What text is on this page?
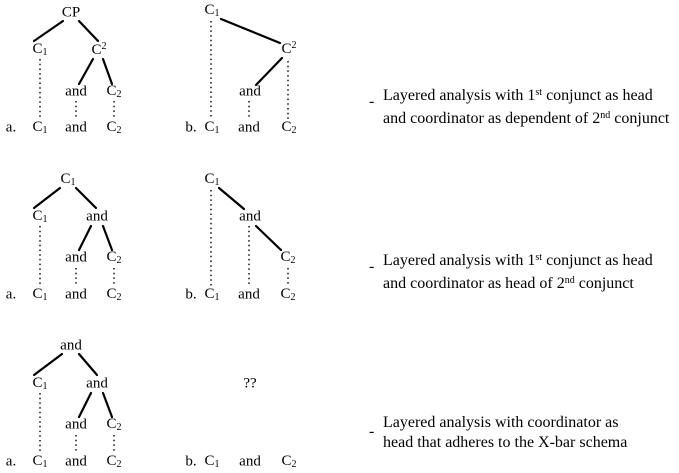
CP
$C_1$	$C^2$
and $C_2$
a. $C_1$ and $C_2$
$C_1$
$C^2$
and
b. $C_1$ and $C_2$
$C_1$
$C_1$	and
and $C_2$
a. $C_1$ and $C_2$
$C_1$
and
$C_2$
b. $C_1$ and $C_2$
and
$C_1$	and
and $C_2$
a. $C_1$ and $C_2$
??
b. $C_1$ and $C_2$
- Layered analysis with 1st conjunct as head
and coordinator as dependent of 2nd conjunct
- Layered analysis with 1st conjunct as head
and coordinator as head of 2nd conjunct
-
Layered analysis with coordinator as
head that adheres to the X-bar schema
